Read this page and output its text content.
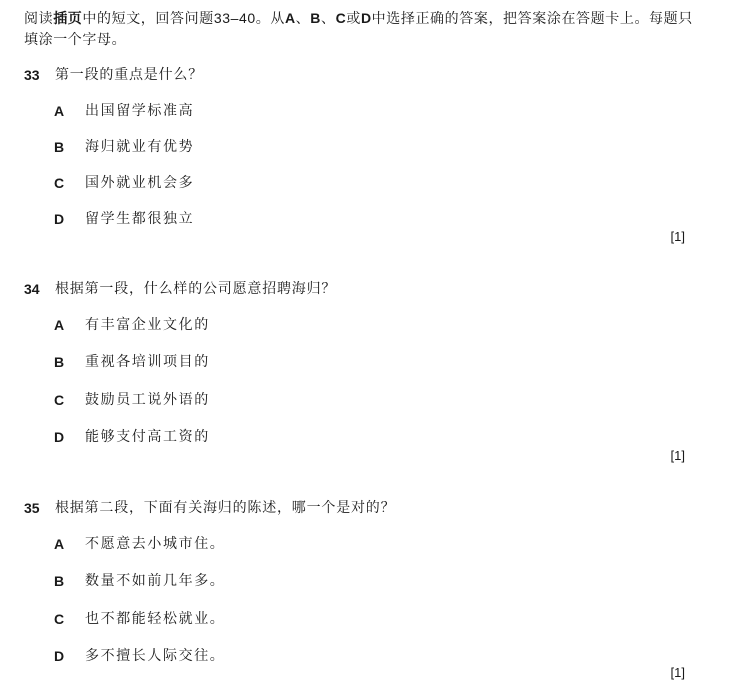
阅读插页中的短文，回答问题33–40。从A、B、C或D中选择正确的答案，把答案涂在答题卡上。每题只填涂一个字母。
33 第一段的重点是什么？
A 出国留学标准高
B 海归就业有优势
C 国外就业机会多
D 留学生都很独立
[1]
34 根据第一段，什么样的公司愿意招聘海归？
A 有丰富企业文化的
B 重视各培训项目的
C 鼓励员工说外语的
D 能够支付高工资的
[1]
35 根据第二段，下面有关海归的陈述，哪一个是对的？
A 不愿意去小城市住。
B 数量不如前几年多。
C 也不都能轻松就业。
D 多不擅长人际交往。
[1]
